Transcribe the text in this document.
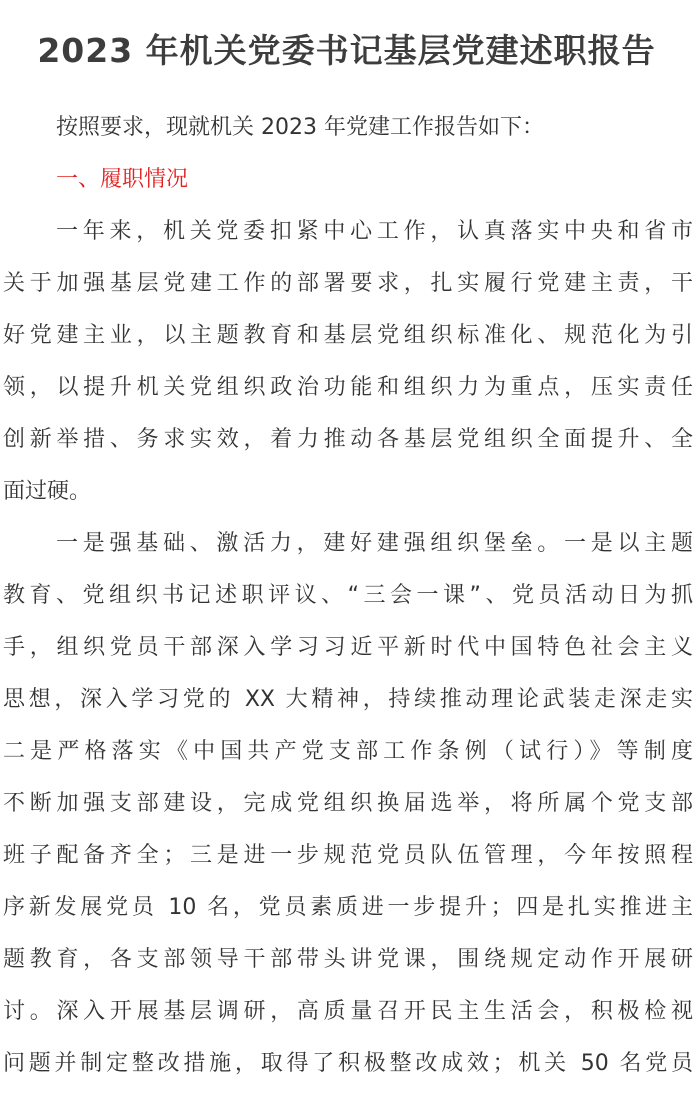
2023 年机关党委书记基层党建述职报告
按照要求，现就机关 2023 年党建工作报告如下：
一、履职情况
一年来，机关党委扣紧中心工作，认真落实中央和省市
关于加强基层党建工作的部署要求，扎实履行党建主责，干
好党建主业，以主题教育和基层党组织标准化、规范化为引
领，以提升机关党组织政治功能和组织力为重点，压实责任
创新举措、务求实效，着力推动各基层党组织全面提升、全
面过硬。
一是强基础、激活力，建好建强组织堡垒。一是以主题
教育、党组织书记述职评议、“三会一课”、党员活动日为抓
手，组织党员干部深入学习习近平新时代中国特色社会主义
思想，深入学习党的 XX 大精神，持续推动理论武装走深走实
二是严格落实《中国共产党支部工作条例（试行）》等制度
不断加强支部建设，完成党组织换届选举，将所属个党支部
班子配备齐全；三是进一步规范党员队伍管理，今年按照程
序新发展党员 10 名，党员素质进一步提升；四是扎实推进主
题教育，各支部领导干部带头讲党课，围绕规定动作开展研
讨。深入开展基层调研，高质量召开民主生活会，积极检视
问题并制定整改措施，取得了积极整改成效；机关 50 名党员
